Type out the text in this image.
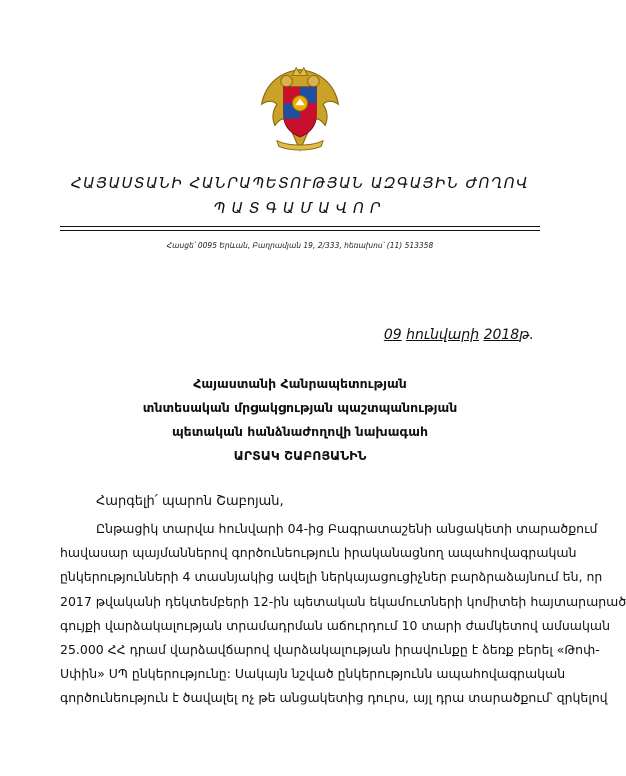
ՀԱՅԱՍՏԱՆԻ ՀԱՆՐԱՊԵՏՈՒԹՅԱՆ ԱԶԳԱՅԻՆ ԺՈՂՈՎ
ՊԱՏԳԱՄԱՎՈՐ
Հասցե՝ 0095 Երևան, Բաղրամյան 19, 2/333, հեռախոս՝ (11) 513358
09 հունվարի 2018թ.
Հայաստանի Հանրապետության
տնտեսական մրցակցության պաշտպանության
պետական հանձնաժողովի նախագահ
ԱՐՏԱԿ ՇԱԲՈՅԱՆԻՆ
Հարգելի՛ պարոն Շաբոյան,
Ընթացիկ տարվա հունվարի 04-ից Բագրատաշենի անցակետի տարածքում
հավասար պայմաններով գործունեություն իրականացնող ապահովագրական
ընկերությունների 4 տասնյակից ավելի ներկայացուցիչներ բարձրաձայնում են, որ
2017 թվականի դեկտեմբերի 12-ին պետական եկամուտների կոմիտեի հայտարարած
գույքի վարձակալության տրամադրման աճուրդում 10 տարի ժամկետով ամսական
25.000 ՀՀ դրամ վարձավճարով վարձակալության իրավունքը է ձեռք բերել «Թոփ-
Սփին» ՍՊ ընկերությունը: Սակայն նշված ընկերությունն ապահովագրական
գործունեություն է ծավալել ոչ թե անցակետից դուրս, այլ դրա տարածքում՝ զրկելով
